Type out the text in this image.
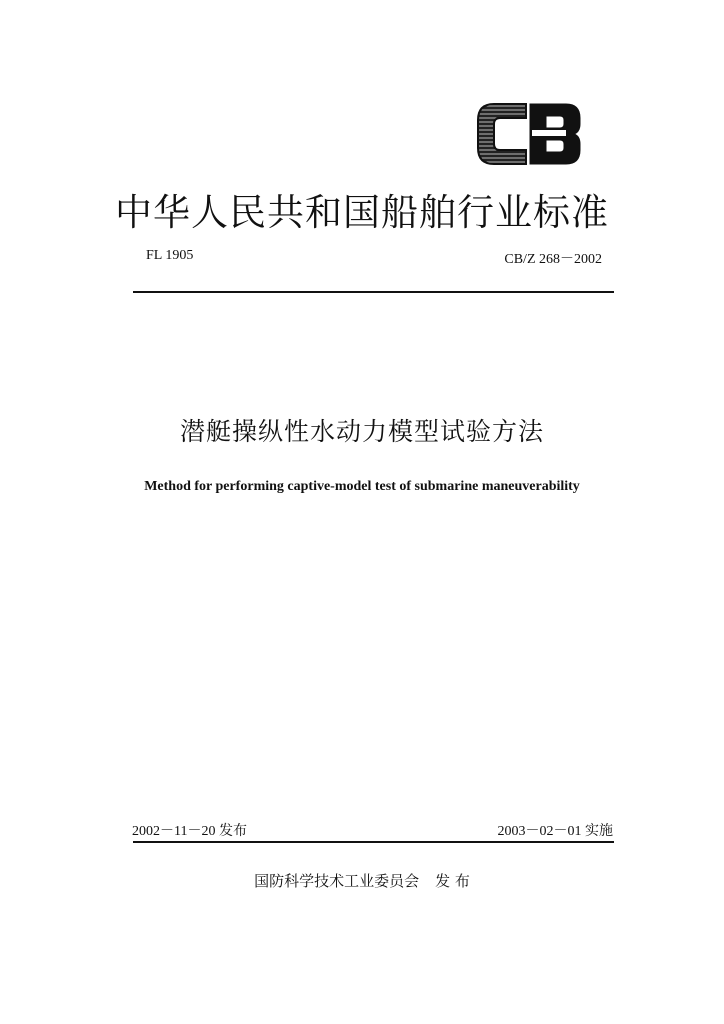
中华人民共和国船舶行业标准
FL 1905	CB/Z 268－2002
潜艇操纵性水动力模型试验方法
Method for performing captive-model test of submarine maneuverability
2002－11－20 发布	2003－02－01 实施
国防科学技术工业委员会 发 布
